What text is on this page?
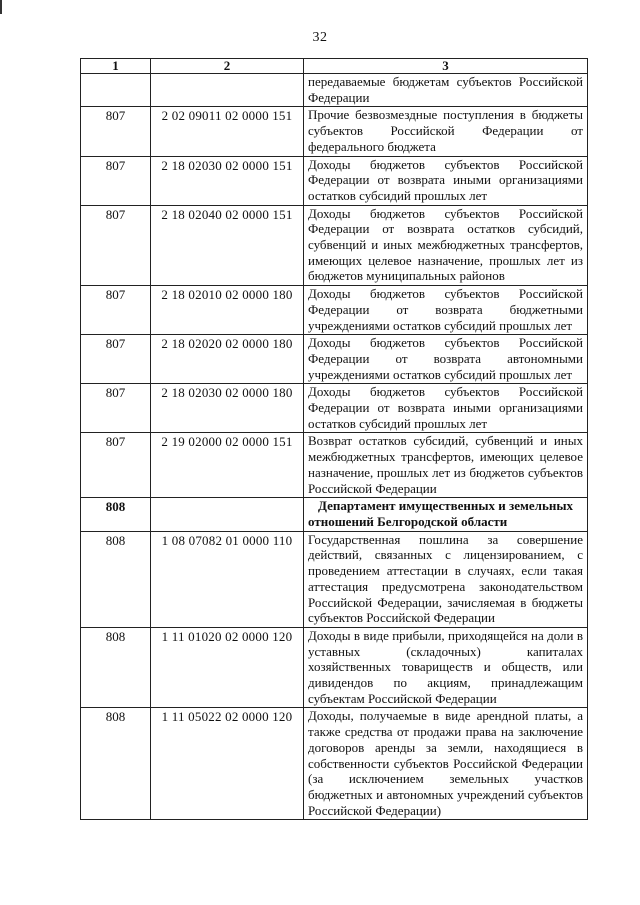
32
1	2	3
		передаваемые бюджетам субъектов Российской Федерации
807	2 02 09011 02 0000 151	Прочие безвозмездные поступления в бюджеты субъектов Российской Федерации от федерального бюджета
807	2 18 02030 02 0000 151	Доходы бюджетов субъектов Российской Федерации от возврата иными организациями остатков субсидий прошлых лет
807	2 18 02040 02 0000 151	Доходы бюджетов субъектов Российской Федерации от возврата остатков субсидий, субвенций и иных межбюджетных трансфертов, имеющих целевое назначение, прошлых лет из бюджетов муниципальных районов
807	2 18 02010 02 0000 180	Доходы бюджетов субъектов Российской Федерации от возврата бюджетными учреждениями остатков субсидий прошлых лет
807	2 18 02020 02 0000 180	Доходы бюджетов субъектов Российской Федерации от возврата автономными учреждениями остатков субсидий прошлых лет
807	2 18 02030 02 0000 180	Доходы бюджетов субъектов Российской Федерации от возврата иными организациями остатков субсидий прошлых лет
807	2 19 02000 02 0000 151	Возврат остатков субсидий, субвенций и иных межбюджетных трансфертов, имеющих целевое назначение, прошлых лет из бюджетов субъектов Российской Федерации
808		Департамент имущественных и земельных отношений Белгородской области
808	1 08 07082 01 0000 110	Государственная пошлина за совершение действий, связанных с лицензированием, с проведением аттестации в случаях, если такая аттестация предусмотрена законодательством Российской Федерации, зачисляемая в бюджеты субъектов Российской Федерации
808	1 11 01020 02 0000 120	Доходы в виде прибыли, приходящейся на доли в уставных (складочных) капиталах хозяйственных товариществ и обществ, или дивидендов по акциям, принадлежащим субъектам Российской Федерации
808	1 11 05022 02 0000 120	Доходы, получаемые в виде арендной платы, а также средства от продажи права на заключение договоров аренды за земли, находящиеся в собственности субъектов Российской Федерации (за исключением земельных участков бюджетных и автономных учреждений субъектов Российской Федерации)
